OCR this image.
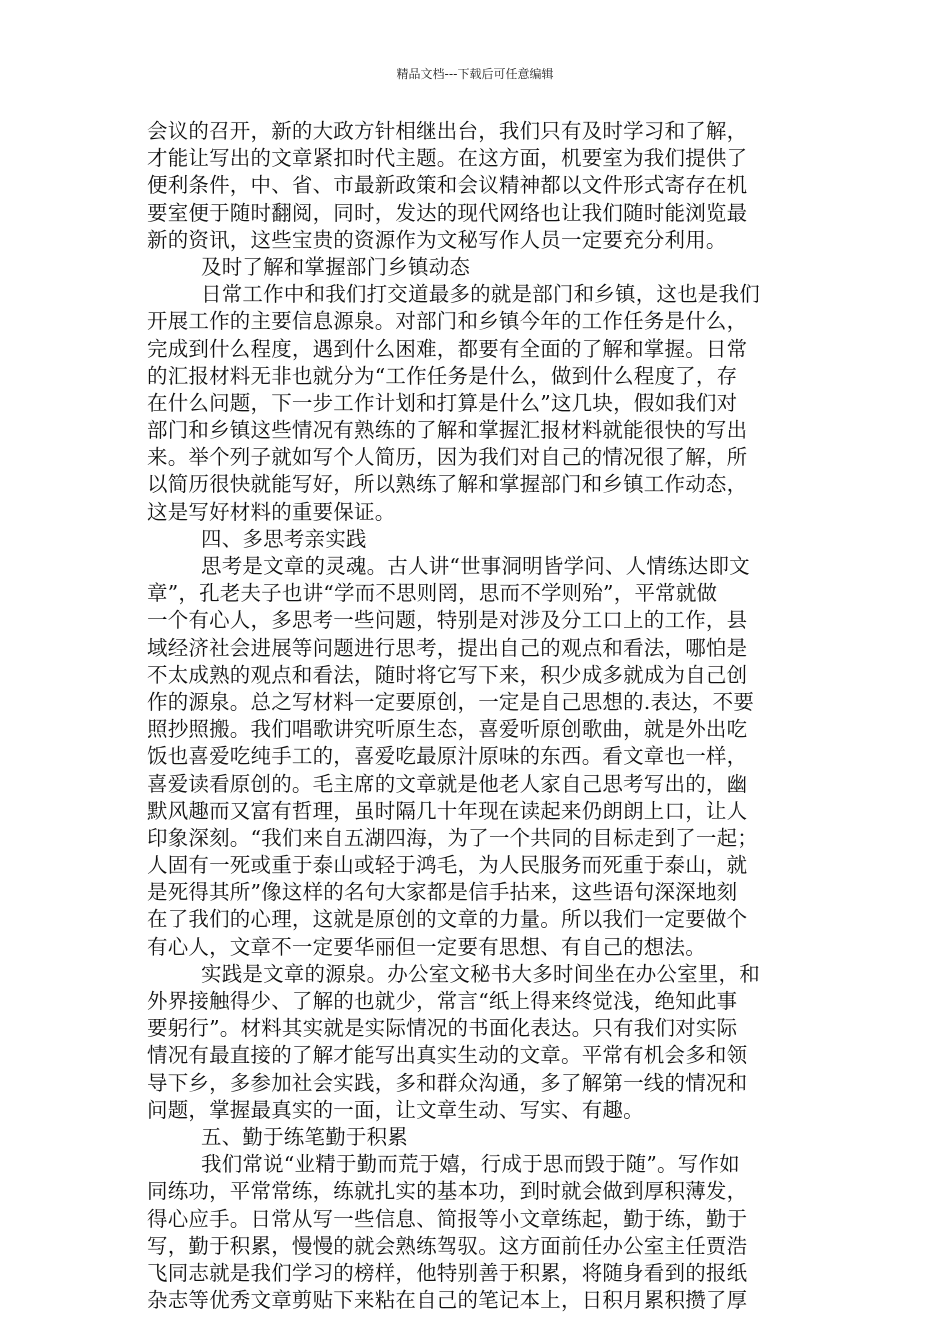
精品文档---下载后可任意编辑
会议的召开，新的大政方针相继出台，我们只有及时学习和了解，
才能让写出的文章紧扣时代主题。在这方面，机要室为我们提供了
便利条件，中、省、市最新政策和会议精神都以文件形式寄存在机
要室便于随时翻阅，同时，发达的现代网络也让我们随时能浏览最
新的资讯，这些宝贵的资源作为文秘写作人员一定要充分利用。
及时了解和掌握部门乡镇动态
日常工作中和我们打交道最多的就是部门和乡镇，这也是我们
开展工作的主要信息源泉。对部门和乡镇今年的工作任务是什么，
完成到什么程度，遇到什么困难，都要有全面的了解和掌握。日常
的汇报材料无非也就分为“工作任务是什么，做到什么程度了，存
在什么问题，下一步工作计划和打算是什么”这几块，假如我们对
部门和乡镇这些情况有熟练的了解和掌握汇报材料就能很快的写出
来。举个列子就如写个人简历，因为我们对自己的情况很了解，所
以简历很快就能写好，所以熟练了解和掌握部门和乡镇工作动态，
这是写好材料的重要保证。
四、多思考亲实践
思考是文章的灵魂。古人讲“世事洞明皆学问、人情练达即文
章”，孔老夫子也讲“学而不思则罔，思而不学则殆”，平常就做
一个有心人，多思考一些问题，特别是对涉及分工口上的工作，县
域经济社会进展等问题进行思考，提出自己的观点和看法，哪怕是
不太成熟的观点和看法，随时将它写下来，积少成多就成为自己创
作的源泉。总之写材料一定要原创，一定是自己思想的.表达，不要
照抄照搬。我们唱歌讲究听原生态，喜爱听原创歌曲，就是外出吃
饭也喜爱吃纯手工的，喜爱吃最原汁原味的东西。看文章也一样，
喜爱读看原创的。毛主席的文章就是他老人家自己思考写出的，幽
默风趣而又富有哲理，虽时隔几十年现在读起来仍朗朗上口，让人
印象深刻。“我们来自五湖四海，为了一个共同的目标走到了一起；
人固有一死或重于泰山或轻于鸿毛，为人民服务而死重于泰山，就
是死得其所”像这样的名句大家都是信手拈来，这些语句深深地刻
在了我们的心理，这就是原创的文章的力量。所以我们一定要做个
有心人，文章不一定要华丽但一定要有思想、有自己的想法。
实践是文章的源泉。办公室文秘书大多时间坐在办公室里，和
外界接触得少、了解的也就少，常言“纸上得来终觉浅，绝知此事
要躬行”。材料其实就是实际情况的书面化表达。只有我们对实际
情况有最直接的了解才能写出真实生动的文章。平常有机会多和领
导下乡，多参加社会实践，多和群众沟通，多了解第一线的情况和
问题，掌握最真实的一面，让文章生动、写实、有趣。
五、勤于练笔勤于积累
我们常说“业精于勤而荒于嬉，行成于思而毁于随”。写作如
同练功，平常常练，练就扎实的基本功，到时就会做到厚积薄发，
得心应手。日常从写一些信息、简报等小文章练起，勤于练，勤于
写，勤于积累，慢慢的就会熟练驾驭。这方面前任办公室主任贾浩
飞同志就是我们学习的榜样，他特别善于积累，将随身看到的报纸
杂志等优秀文章剪贴下来粘在自己的笔记本上，日积月累积攒了厚
